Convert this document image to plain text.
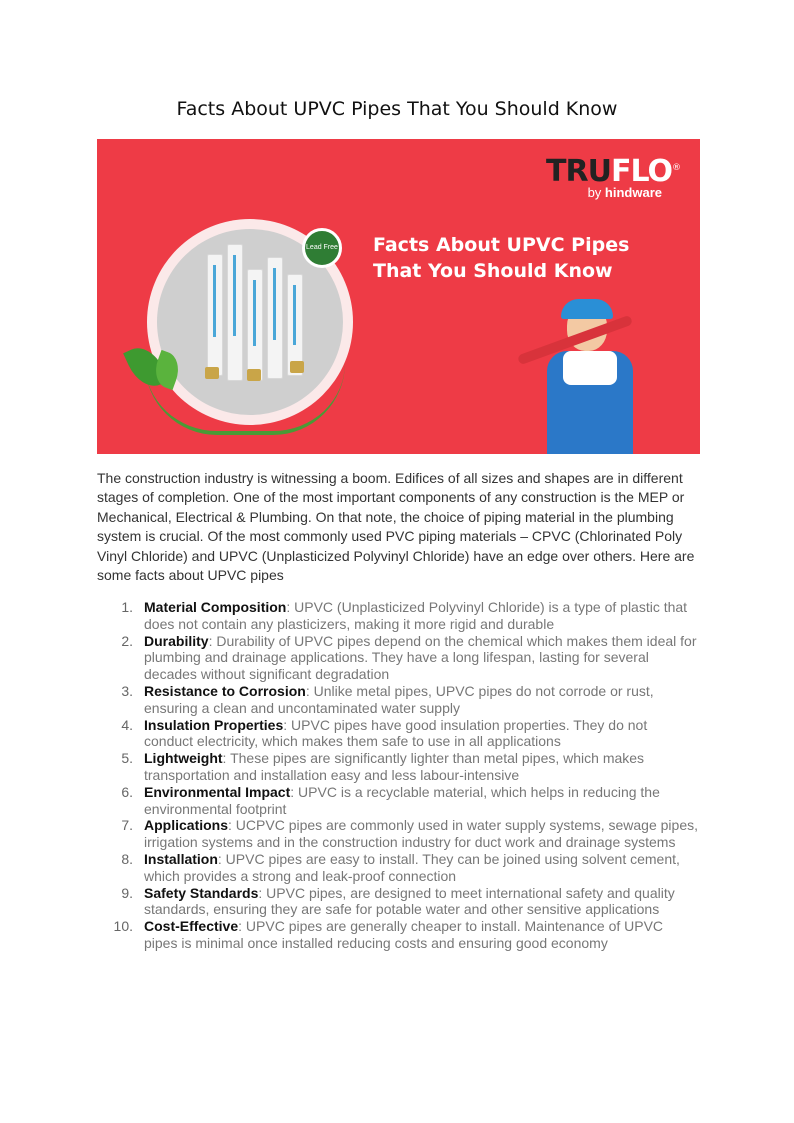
Facts About UPVC Pipes That You Should Know
Lead Free
TRUFLO®
by hindware
Facts About UPVC Pipes
That You Should Know
The construction industry is witnessing a boom. Edifices of all sizes and shapes are in different stages of completion. One of the most important components of any construction is the MEP or Mechanical, Electrical & Plumbing. On that note, the choice of piping material in the plumbing system is crucial. Of the most commonly used PVC piping materials – CPVC (Chlorinated Poly Vinyl Chloride) and UPVC (Unplasticized Polyvinyl Chloride) have an edge over others. Here are some facts about UPVC pipes
1. Material Composition: UPVC (Unplasticized Polyvinyl Chloride) is a type of plastic that does not contain any plasticizers, making it more rigid and durable
2. Durability: Durability of UPVC pipes depend on the chemical which makes them ideal for plumbing and drainage applications. They have a long lifespan, lasting for several decades without significant degradation
3. Resistance to Corrosion: Unlike metal pipes, UPVC pipes do not corrode or rust, ensuring a clean and uncontaminated water supply
4. Insulation Properties: UPVC pipes have good insulation properties. They do not conduct electricity, which makes them safe to use in all applications
5. Lightweight: These pipes are significantly lighter than metal pipes, which makes transportation and installation easy and less labour-intensive
6. Environmental Impact: UPVC is a recyclable material, which helps in reducing the environmental footprint
7. Applications: UCPVC pipes are commonly used in water supply systems, sewage pipes, irrigation systems and in the construction industry for duct work and drainage systems
8. Installation: UPVC pipes are easy to install. They can be joined using solvent cement, which provides a strong and leak-proof connection
9. Safety Standards: UPVC pipes, are designed to meet international safety and quality standards, ensuring they are safe for potable water and other sensitive applications
10. Cost-Effective: UPVC pipes are generally cheaper to install. Maintenance of UPVC pipes is minimal once installed reducing costs and ensuring good economy
